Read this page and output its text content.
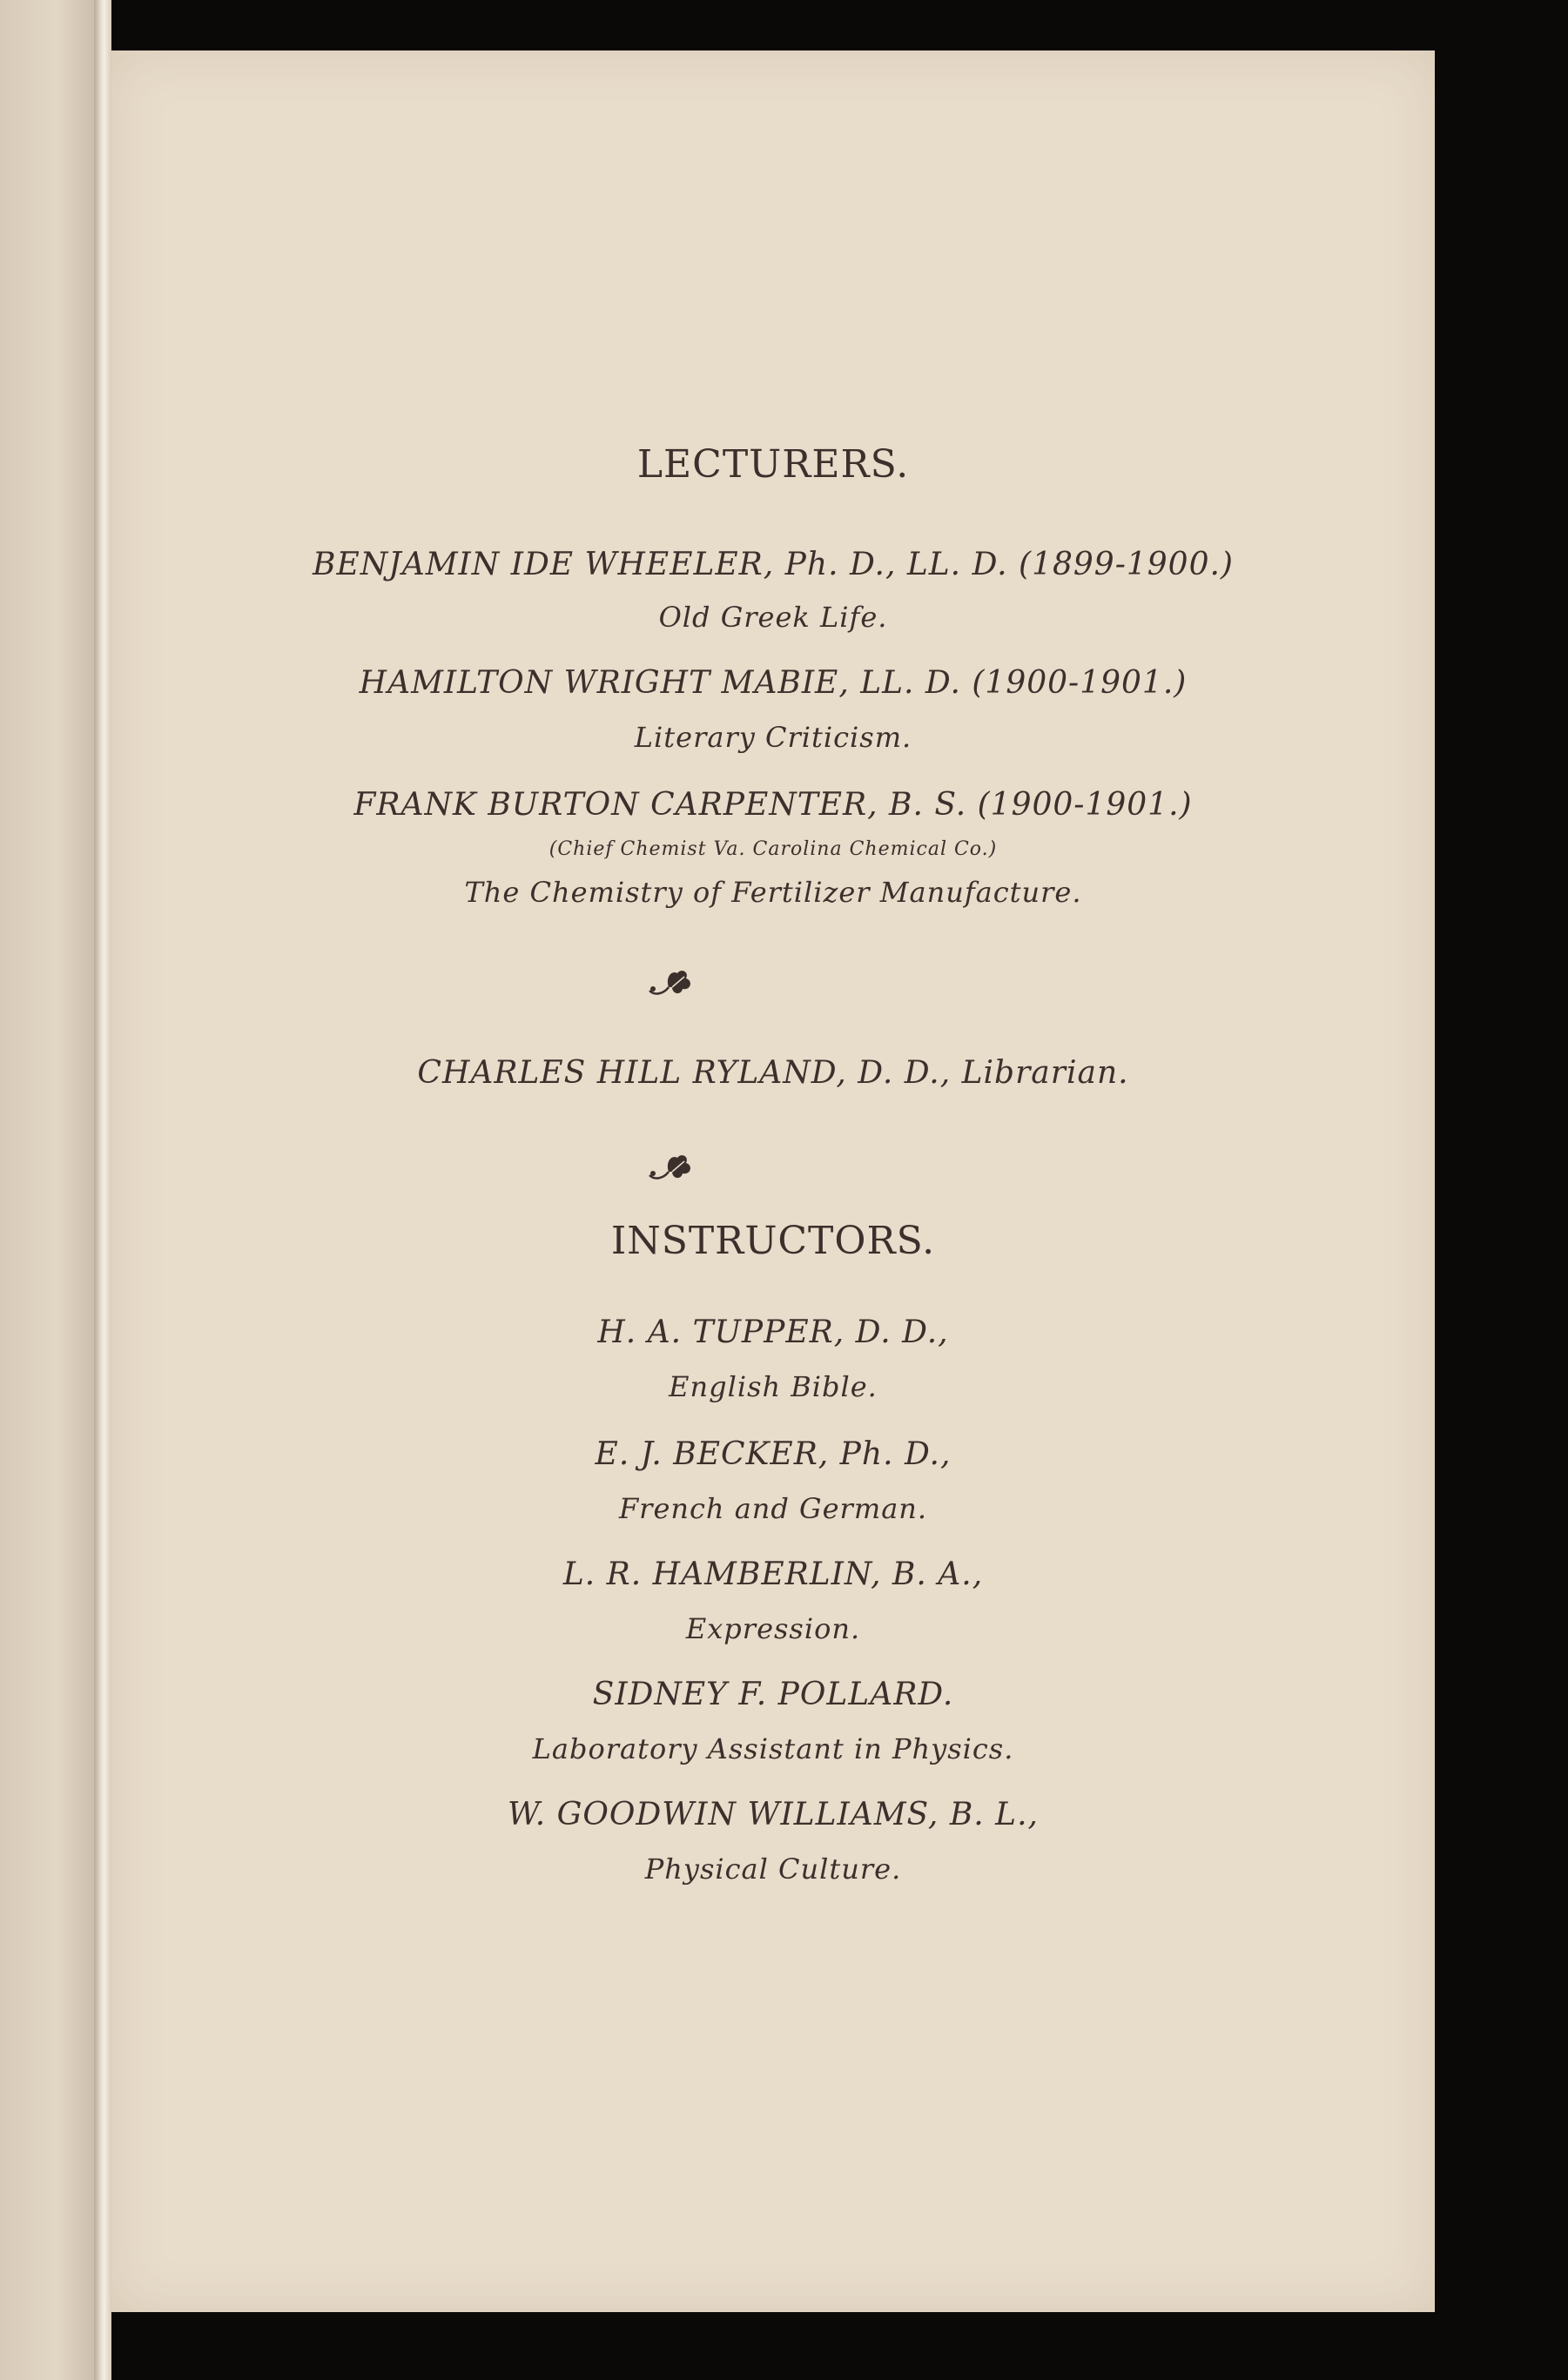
LECTURERS.

BENJAMIN IDE WHEELER, Ph. D., LL. D. (1899-1900.)

Old Greek Life.

HAMILTON WRIGHT MABIE, LL. D. (1900-1901.)

Literary Criticism.

FRANK BURTON CARPENTER, B. S. (1900-1901.)

(Chief Chemist Va. Carolina Chemical Co.)

The Chemistry of Fertilizer Manufacture.

CHARLES HILL RYLAND, D. D., Librarian.

INSTRUCTORS.

H. A. TUPPER, D. D.,

English Bible.

E. J. BECKER, Ph. D.,

French and German.

L. R. HAMBERLIN, B. A.,

Expression.

SIDNEY F. POLLARD.

Laboratory Assistant in Physics.

W. GOODWIN WILLIAMS, B. L.,

Physical Culture.
